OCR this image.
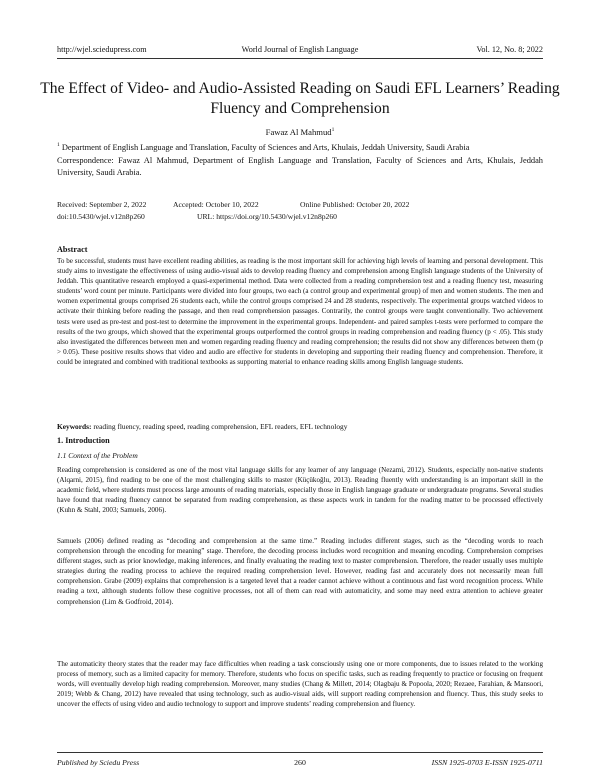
http://wjel.sciedupress.com	World Journal of English Language	Vol. 12, No. 8; 2022
The Effect of Video- and Audio-Assisted Reading on Saudi EFL Learners’ Reading Fluency and Comprehension
Fawaz Al Mahmud$^1$
$^1$ Department of English Language and Translation, Faculty of Sciences and Arts, Khulais, Jeddah University, Saudi Arabia
Correspondence: Fawaz Al Mahmud, Department of English Language and Translation, Faculty of Sciences and Arts, Khulais, Jeddah University, Saudi Arabia.
Received: September 2, 2022	Accepted: October 10, 2022	Online Published: October 20, 2022
doi:10.5430/wjel.v12n8p260	URL: https://doi.org/10.5430/wjel.v12n8p260
Abstract

To be successful, students must have excellent reading abilities, as reading is the most important skill for achieving high levels of learning and personal development. This study aims to investigate the effectiveness of using audio-visual aids to develop reading fluency and comprehension among English language students of the University of Jeddah. This quantitative research employed a quasi-experimental method. Data were collected from a reading comprehension test and a reading fluency test, measuring students’ word count per minute. Participants were divided into four groups, two each (a control group and experimental group) of men and women students. The men and women experimental groups comprised 26 students each, while the control groups comprised 24 and 28 students, respectively. The experimental groups watched videos to activate their thinking before reading the passage, and then read comprehension passages. Contrarily, the control groups were taught conventionally. Two achievement tests were used as pre-test and post-test to determine the improvement in the experimental groups. Independent- and paired samples t-tests were performed to compare the results of the two groups, which showed that the experimental groups outperformed the control groups in reading comprehension and reading fluency (p < .05). This study also investigated the differences between men and women regarding reading fluency and reading comprehension; the results did not show any differences between them (p > 0.05). These positive results shows that video and audio are effective for students in developing and supporting their reading fluency and comprehension. Therefore, it could be integrated and combined with traditional textbooks as supporting material to enhance reading skills among English language students.

Keywords: reading fluency, reading speed, reading comprehension, EFL readers, EFL technology
1. Introduction
1.1 Context of the Problem

Reading comprehension is considered as one of the most vital language skills for any learner of any language (Nezami, 2012). Students, especially non-native students (Alqarni, 2015), find reading to be one of the most challenging skills to master (Küçükoğlu, 2013). Reading fluently with understanding is an important skill in the academic field, where students must process large amounts of reading materials, especially those in English language graduate or undergraduate programs. Several studies have found that reading fluency cannot be separated from reading comprehension, as these aspects work in tandem for the reading matter to be processed effectively (Kuhn & Stahl, 2003; Samuels, 2006).

Samuels (2006) defined reading as “decoding and comprehension at the same time.” Reading includes different stages, such as the “decoding words to reach comprehension through the encoding for meaning” stage. Therefore, the decoding process includes word recognition and meaning encoding. Comprehension comprises different stages, such as prior knowledge, making inferences, and finally evaluating the reading text to master comprehension. Therefore, the reader usually uses multiple strategies during the reading process to achieve the required reading comprehension level. However, reading fast and accurately does not necessarily mean full comprehension. Grabe (2009) explains that comprehension is a targeted level that a reader cannot achieve without a continuous and fast word recognition process. While reading a text, although students follow these cognitive processes, not all of them can read with automaticity, and some may need extra attention to achieve greater comprehension (Lim & Godfroid, 2014).

The automaticity theory states that the reader may face difficulties when reading a task consciously using one or more components, due to issues related to the working process of memory, such as a limited capacity for memory. Therefore, students who focus on specific tasks, such as reading frequently to practice or focusing on frequent words, will eventually develop high reading comprehension. Moreover, many studies (Chang & Millett, 2014; Olagbaju & Popoola, 2020; Rezaee, Farahian, & Mansoori, 2019; Webb & Chang, 2012) have revealed that using technology, such as audio-visual aids, will support reading comprehension and fluency. Thus, this study seeks to uncover the effects of using video and audio technology to support and improve students’ reading comprehension and fluency.

Published by Sciedu Press	260	ISSN 1925-0703 E-ISSN 1925-0711
